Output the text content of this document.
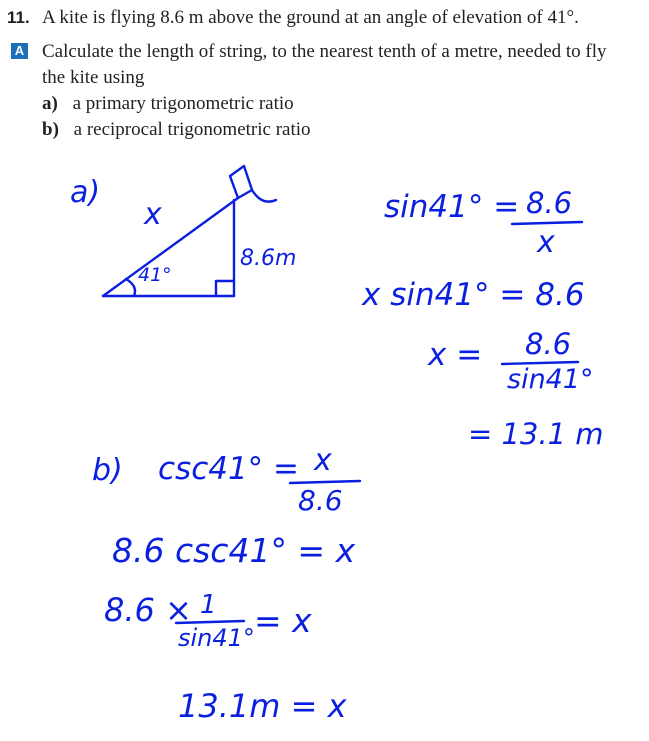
11. A kite is flying 8.6 m above the ground at an angle of elevation of 41°.
A Calculate the length of string, to the nearest tenth of a metre, needed to fly
the kite using
a) a primary trigonometric ratio
b) a reciprocal trigonometric ratio
a)
x
8.6m
41°
sin41° = 8.6
x
x sin41° = 8.6
x = 8.6
sin41°
= 13.1 m
b) csc41° = x
8.6
8.6 csc41° = x
8.6 × 1
sin41° = x
13.1m = x
